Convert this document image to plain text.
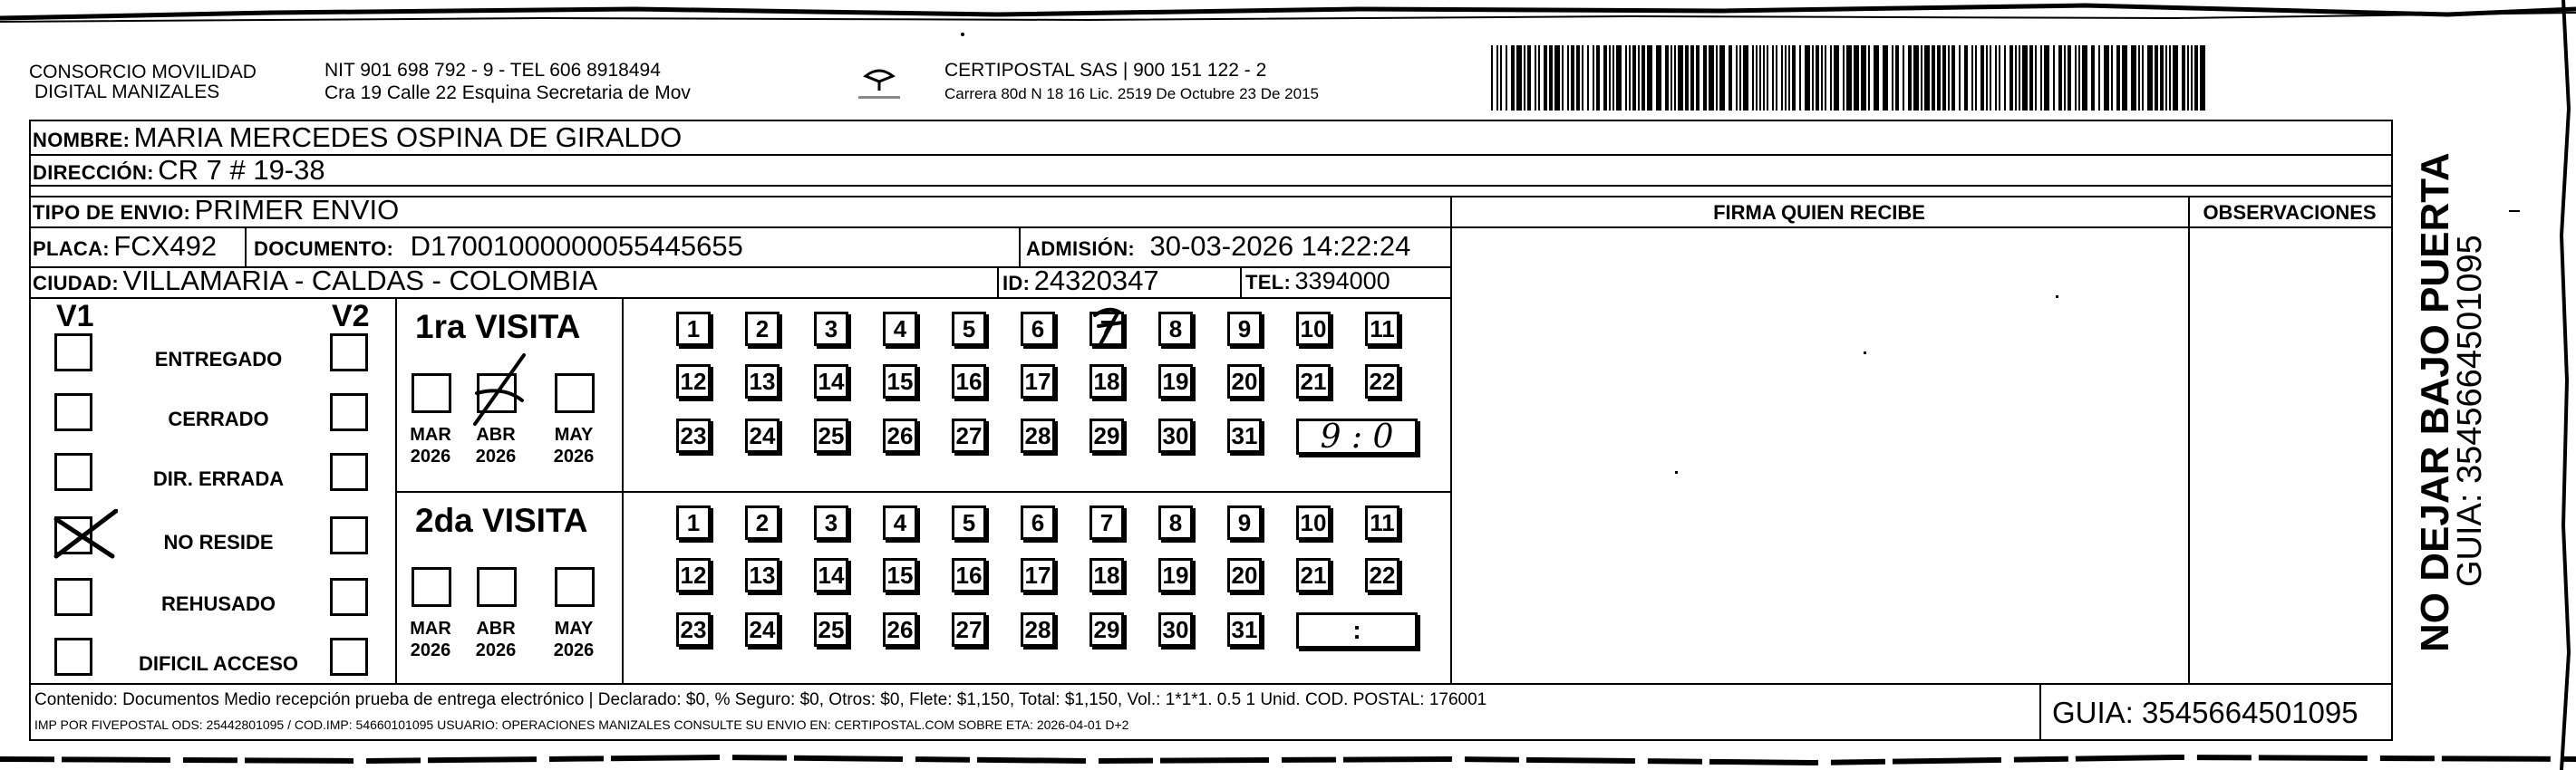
CONSORCIO MOVILIDAD
DIGITAL MANIZALES
NIT 901 698 792 - 9 - TEL 606 8918494
Cra 19 Calle 22 Esquina Secretaria de Mov
CERTIPOSTAL SAS | 900 151 122 - 2
Carrera 80d N 18 16 Lic. 2519 De Octubre 23 De 2015
FIRMA QUIEN RECIBE	OBSERVACIONES
NOMBRE: MARIA MERCEDES OSPINA DE GIRALDO
DIRECCIÓN: CR 7 # 19-38
TIPO DE ENVIO: PRIMER ENVIO
PLACA: FCX492 DOCUMENTO: D17001000000055445655	ADMISIÓN: 30-03-2026 14:22:24
CIUDAD: VILLAMARIA - CALDAS - COLOMBIA	ID: 24320347	TEL: 3394000
V1	V2
Contenido: Documentos Medio recepción prueba de entrega electrónico | Declarado: $0, % Seguro: $0, Otros: $0, Flete: $1,150, Total: $1,150, Vol.: 1*1*1. 0.5 1 Unid. COD. POSTAL: 176001
IMP POR FIVEPOSTAL ODS: 25442801095 / COD.IMP: 54660101095 USUARIO: OPERACIONES MANIZALES CONSULTE SU ENVIO EN: CERTIPOSTAL.COM SOBRE ETA: 2026-04-01 D+2	GUIA: 3545664501095
NO DEJAR BAJO PUERTA
GUIA: 3545664501095
ENTREGADO
CERRADO
DIR. ERRADA
NO RESIDE
REHUSADO
DIFICIL ACCESO
1ra VISITA
MAR
2026
ABR
2026
MAY
2026
1	2	3	4	5	6	7	8	9	10 11
12 13 14 15 16 17 18 19 20 21 22
23 24 25 26 27 28 29 30 31	9 : 0
2da VISITA
MAR
2026
ABR
2026
MAY
2026
1	2	3	4	5	6	7	8	9	10 11
12 13 14 15 16 17 18 19 20 21 22
23 24 25 26 27 28 29 30 31	:
